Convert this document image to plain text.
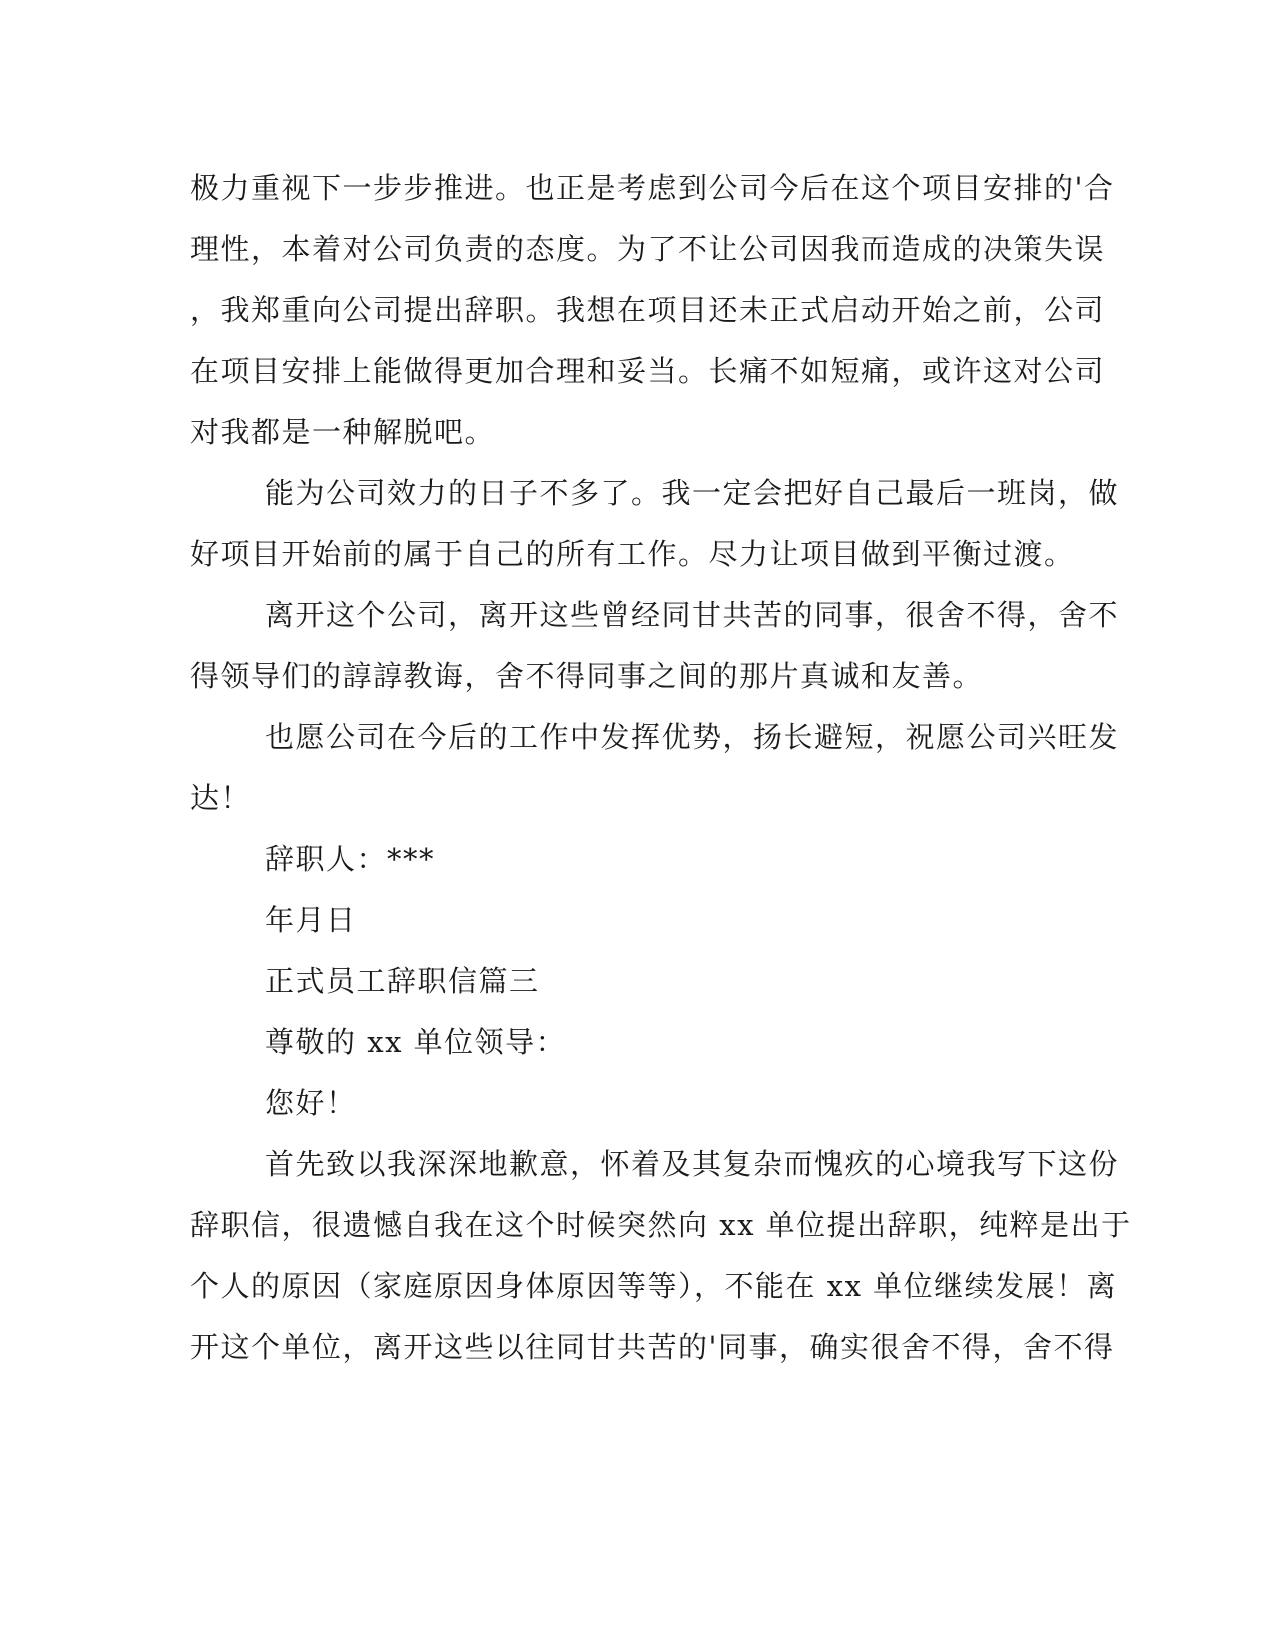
极力重视下一步步推进。也正是考虑到公司今后在这个项目安排的'合
理性，本着对公司负责的态度。为了不让公司因我而造成的决策失误
，我郑重向公司提出辞职。我想在项目还未正式启动开始之前，公司
在项目安排上能做得更加合理和妥当。长痛不如短痛，或许这对公司
对我都是一种解脱吧。
能为公司效力的日子不多了。我一定会把好自己最后一班岗，做
好项目开始前的属于自己的所有工作。尽力让项目做到平衡过渡。
离开这个公司，离开这些曾经同甘共苦的同事，很舍不得，舍不
得领导们的諄諄教诲，舍不得同事之间的那片真诚和友善。
也愿公司在今后的工作中发挥优势，扬长避短，祝愿公司兴旺发
达！
辞职人：***
年月日
正式员工辞职信篇三
尊敬的 xx 单位领导：
您好！
首先致以我深深地歉意，怀着及其复杂而愧疚的心境我写下这份
辞职信，很遗憾自我在这个时候突然向 xx 单位提出辞职，纯粹是出于
个人的原因（家庭原因身体原因等等），不能在 xx 单位继续发展！离
开这个单位，离开这些以往同甘共苦的'同事，确实很舍不得，舍不得
